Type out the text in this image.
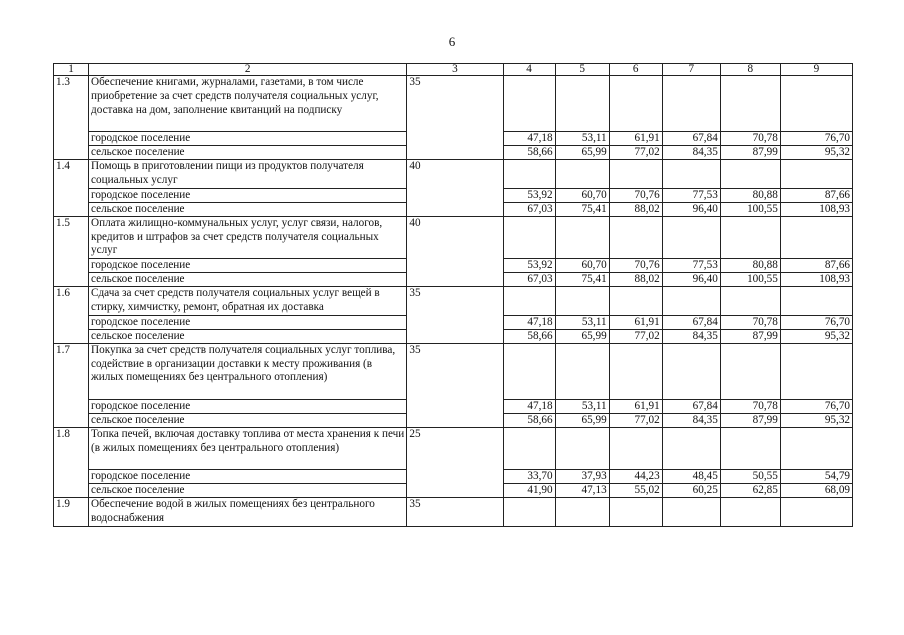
6
1	2	3	4	5	6	7	8	9
1.3	Обеспечение книгами, журналами, газетами, в том числе приобретение за счет средств получателя социальных услуг, доставка на дом, заполнение квитанций на подписку	35						
	городское поселение		47,18	53,11	61,91	67,84	70,78	76,70
	сельское поселение		58,66	65,99	77,02	84,35	87,99	95,32
1.4	Помощь в приготовлении пищи из продуктов получателя социальных услуг	40						
	городское поселение		53,92	60,70	70,76	77,53	80,88	87,66
	сельское поселение		67,03	75,41	88,02	96,40	100,55	108,93
1.5	Оплата жилищно-коммунальных услуг, услуг связи, налогов, кредитов и штрафов за счет средств получателя социальных услуг	40						
	городское поселение		53,92	60,70	70,76	77,53	80,88	87,66
	сельское поселение		67,03	75,41	88,02	96,40	100,55	108,93
1.6	Сдача за счет средств получателя социальных услуг вещей в стирку, химчистку, ремонт, обратная их доставка	35						
	городское поселение		47,18	53,11	61,91	67,84	70,78	76,70
	сельское поселение		58,66	65,99	77,02	84,35	87,99	95,32
1.7	Покупка за счет средств получателя социальных услуг топлива, содействие в организации доставки к месту проживания (в жилых помещениях без центрального отопления)	35						
	городское поселение		47,18	53,11	61,91	67,84	70,78	76,70
	сельское поселение		58,66	65,99	77,02	84,35	87,99	95,32
1.8	Топка печей, включая доставку топлива от места хранения к печи (в жилых помещениях без центрального отопления)	25						
	городское поселение		33,70	37,93	44,23	48,45	50,55	54,79
	сельское поселение		41,90	47,13	55,02	60,25	62,85	68,09
1.9	Обеспечение водой в жилых помещениях без центрального водоснабжения	35						
